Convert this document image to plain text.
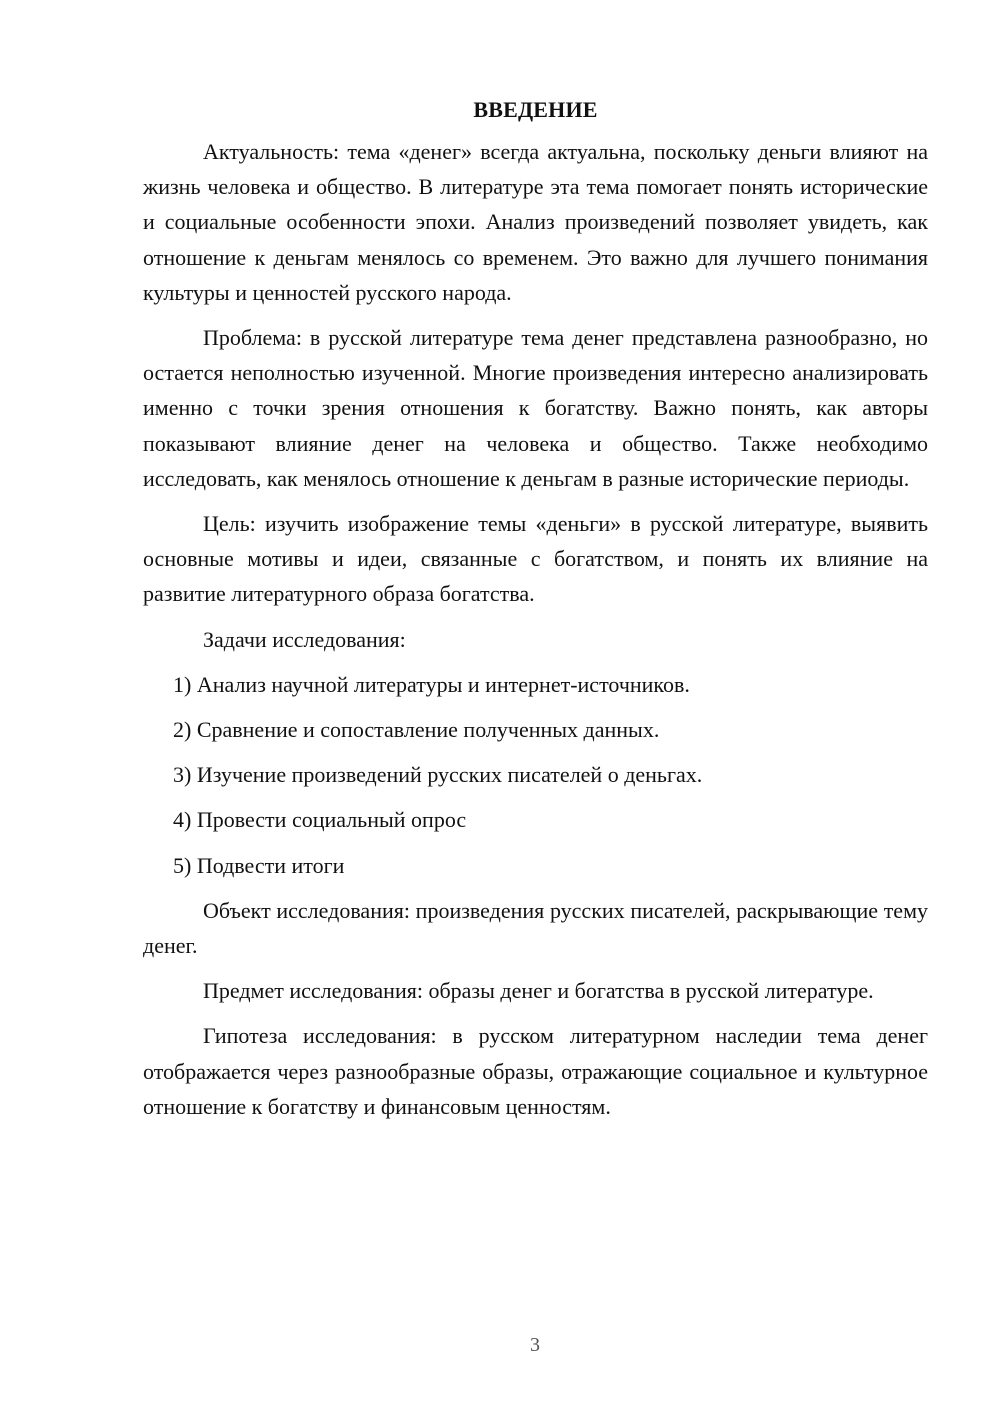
ВВЕДЕНИЕ

Актуальность: тема «денег» всегда актуальна, поскольку деньги влияют на жизнь человека и общество. В литературе эта тема помогает понять исторические и социальные особенности эпохи. Анализ произведений позволяет увидеть, как отношение к деньгам менялось со временем. Это важно для лучшего понимания культуры и ценностей русского народа.

Проблема: в русской литературе тема денег представлена разнообразно, но остается неполностью изученной. Многие произведения интересно анализировать именно с точки зрения отношения к богатству. Важно понять, как авторы показывают влияние денег на человека и общество. Также необходимо исследовать, как менялось отношение к деньгам в разные исторические периоды.

Цель: изучить изображение темы «деньги» в русской литературе, выявить основные мотивы и идеи, связанные с богатством, и понять их влияние на развитие литературного образа богатства.

Задачи исследования:

1) Анализ научной литературы и интернет-источников.
2) Сравнение и сопоставление полученных данных.
3) Изучение произведений русских писателей о деньгах.
4) Провести социальный опрос
5) Подвести итоги

Объект исследования: произведения русских писателей, раскрывающие тему денег.

Предмет исследования: образы денег и богатства в русской литературе.

Гипотеза исследования: в русском литературном наследии тема денег отображается через разнообразные образы, отражающие социальное и культурное отношение к богатству и финансовым ценностям.

3
